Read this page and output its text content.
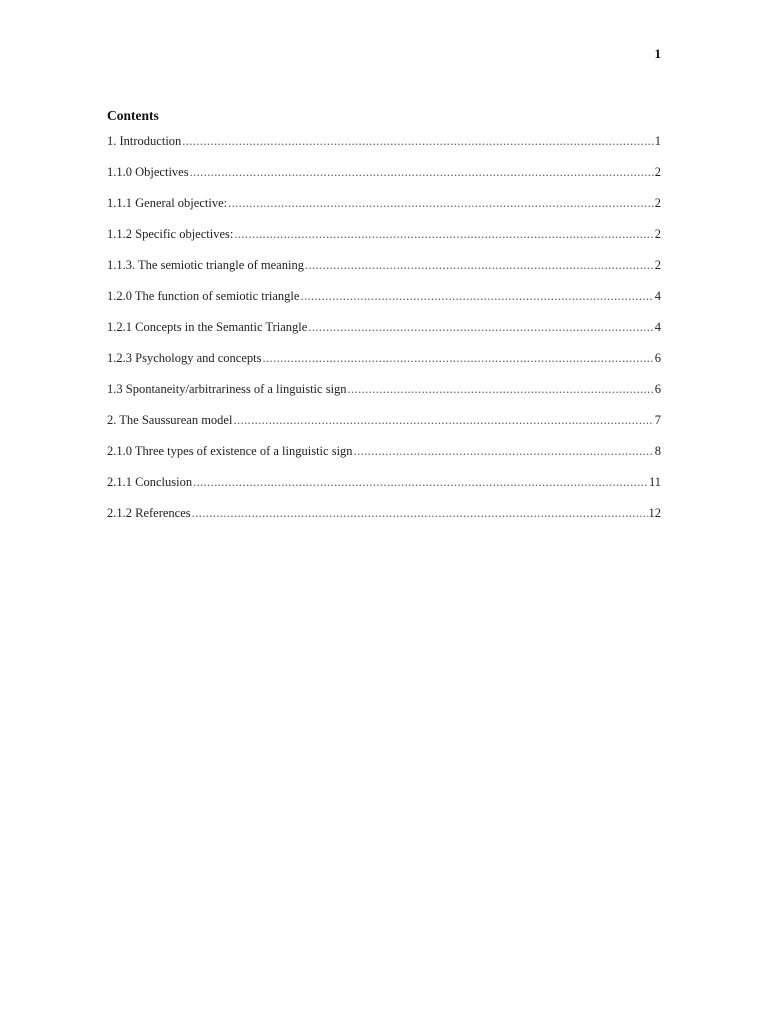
1
Contents
1. Introduction .....	1
1.1.0 Objectives .....	2
1.1.1 General objective: .....	2
1.1.2 Specific objectives: .....	2
1.1.3. The semiotic triangle of meaning .....	2
1.2.0 The function of semiotic triangle .....	4
1.2.1 Concepts in the Semantic Triangle .....	4
1.2.3 Psychology and concepts .....	6
1.3 Spontaneity/arbitrariness of a linguistic sign .....	6
2. The Saussurean model .....	7
2.1.0 Three types of existence of a linguistic sign .....	8
2.1.1 Conclusion .....	11
2.1.2 References .....	12
